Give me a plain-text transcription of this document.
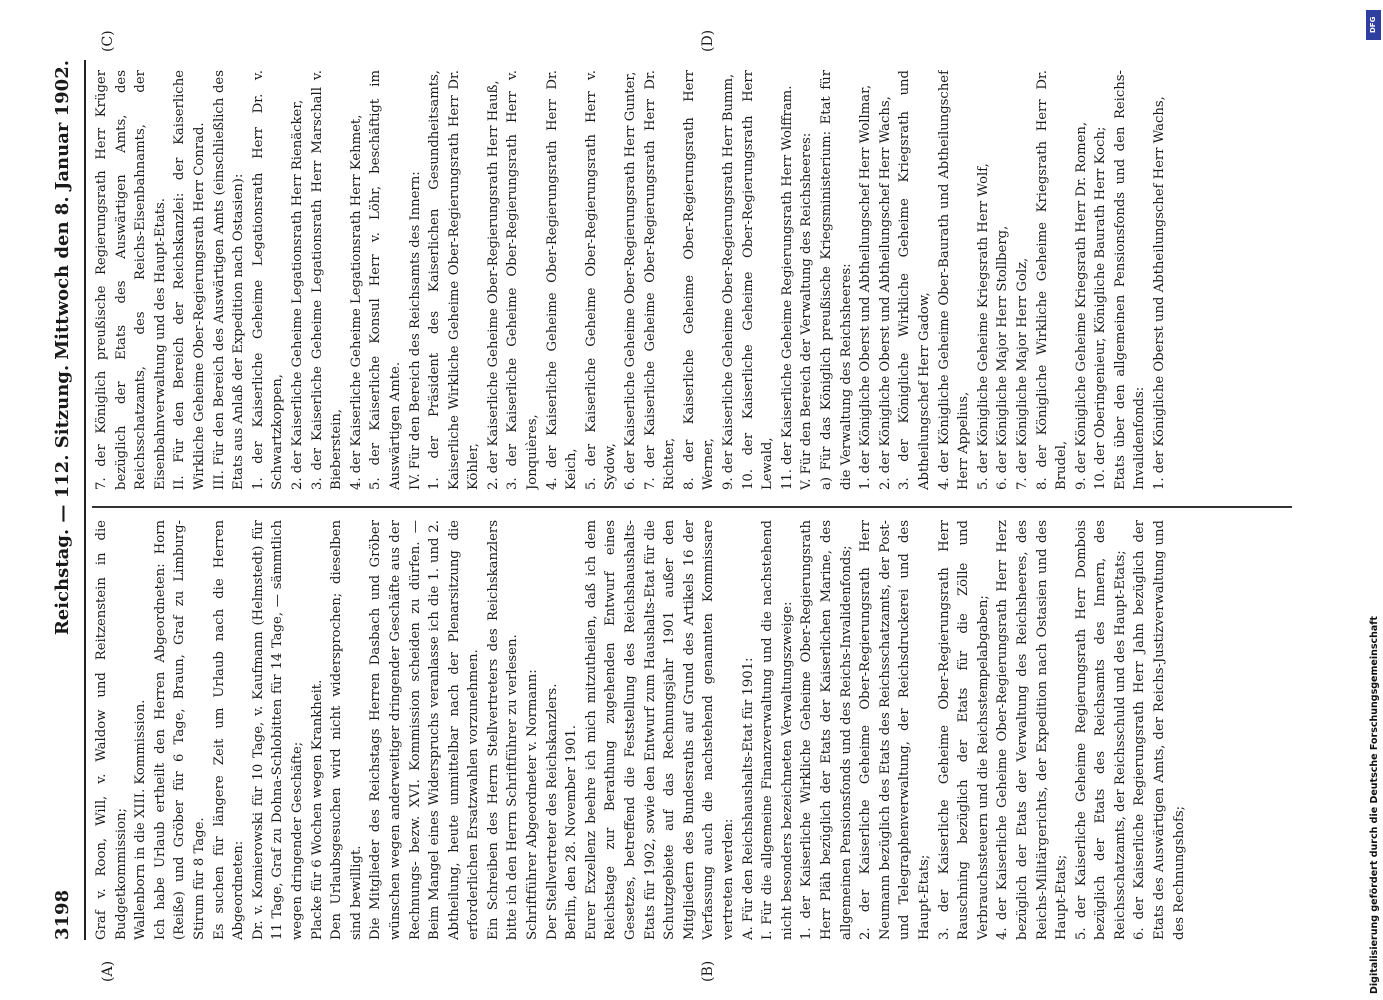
3198
Reichstag. — 112. Sitzung.
Mittwoch den 8. Januar 1902.
(A)	(B)
(C)	(D)

Graf v. Roon, Will, v. Waldow und Reitzenstein in die Budgetkommission; Wallenborn in die XIII. Kommission. Ich habe Urlaub ertheilt den Herren Abgeordneten: Horn (Reiße) und Gröber für 6 Tage, Braun, Graf zu Limburg-Stirum für 8 Tage. Es suchen für längere Zeit um Urlaub nach die Herren Abgeordneten: Dr. v. Komierowski für 10 Tage, v. Kaufmann (Helmstedt) für 11 Tage, Graf zu Dohna-Schlobitten für 14 Tage, — sämmtlich wegen dringender Geschäfte; Placke für 6 Wochen wegen Krankheit. Den Urlaubsgesuchen wird nicht widersprochen; dieselben sind bewilligt. Die Mitglieder des Reichstags Herren Dasbach und Gröber wünschen wegen anderweitiger dringender Geschäfte aus der Rechnungs- bezw. XVI. Kommission scheiden zu dürfen. — Beim Mangel eines Widerspruchs veranlasse ich die 1. und 2. Abtheilung, heute unmittelbar nach der Plenarsitzung die erforderlichen Ersatzwahlen vorzunehmen. Ein Schreiben des Herrn Stellvertreters des Reichskanzlers bitte ich den Herrn Schriftführer zu verlesen. Schriftführer Abgeordneter v. Normann: Der Stellvertreter des Reichskanzlers. Berlin, den 28. November 1901. Eurer Exzellenz beehre ich mich mitzutheilen, daß ich dem Reichstage zur Berathung zugehenden Entwurf eines Gesetzes, betreffend die Feststellung des Reichshaushalts-Etats für 1902, sowie den Entwurf zum Haushalts-Etat für die Schutzgebiete auf das Rechnungsjahr 1901 außer den Mitgliedern des Bundesraths auf Grund des Artikels 16 der Verfassung auch die nachstehend genannten Kommissare vertreten werden: A. Für den Reichshaushalts-Etat für 1901: I. Für die allgemeine Finanzverwaltung und die nachstehend nicht besonders bezeichneten Verwaltungszweige: 1. der Kaiserliche Wirkliche Geheime Ober-Regierungsrath Herr Pläh bezüglich der Etats der Kaiserlichen Marine, des allgemeinen Pensionsfonds und des Reichs-Invalidenfonds; 2. der Kaiserliche Geheime Ober-Regierungsrath Herr Neumann bezüglich des Etats des Reichsschatzamts, der Post- und Telegraphenverwaltung, der Reichsdruckerei und des Haupt-Etats; 3. der Kaiserliche Geheime Ober-Regierungsrath Herr Rauschning bezüglich der Etats für die Zölle und Verbrauchssteuern und die Reichsstempelabgaben; 4. der Kaiserliche Geheime Ober-Regierungsrath Herr Herz bezüglich der Etats der Verwaltung des Reichsheeres, des Reichs-Militärgerichts, der Expedition nach Ostasien und des Haupt-Etats; 5. der Kaiserliche Geheime Regierungsrath Herr Dombois bezüglich der Etats des Reichsamts des Innern, des Reichsschatzamts, der Reichsschuld und des Haupt-Etats; 6. der Kaiserliche Regierungsrath Herr Jahn bezüglich der Etats des Auswärtigen Amts, der Reichs-Justizverwaltung und des Rechnungshofs;

7. der Königlich preußische Regierungsrath Herr Krüger bezüglich der Etats des Auswärtigen Amts, des Reichsschatzamts, des Reichs-Eisenbahnamts, der Eisenbahnverwaltung und des Haupt-Etats. II. Für den Bereich der Reichskanzlei: der Kaiserliche Wirkliche Geheime Ober-Regierungsrath Herr Conrad. III. Für den Bereich des Auswärtigen Amts (einschließlich des Etats aus Anlaß der Expedition nach Ostasien): 1. der Kaiserliche Geheime Legationsrath Herr Dr. v. Schwartzkoppen, 2. der Kaiserliche Geheime Legationsrath Herr Rienäcker, 3. der Kaiserliche Geheime Legationsrath Herr Marschall v. Bieberstein, 4. der Kaiserliche Geheime Legationsrath Herr Kehmet, 5. der Kaiserliche Konsul Herr v. Löhr, beschäftigt im Auswärtigen Amte. IV. Für den Bereich des Reichsamts des Innern: 1. der Präsident des Kaiserlichen Gesundheitsamts, Kaiserliche Wirkliche Geheime Ober-Regierungsrath Herr Dr. Köhler, 2. der Kaiserliche Geheime Ober-Regierungsrath Herr Hauß, 3. der Kaiserliche Geheime Ober-Regierungsrath Herr v. Jonquières, 4. der Kaiserliche Geheime Ober-Regierungsrath Herr Dr. Keich, 5. der Kaiserliche Geheime Ober-Regierungsrath Herr v. Sydow, 6. der Kaiserliche Geheime Ober-Regierungsrath Herr Gunter, 7. der Kaiserliche Geheime Ober-Regierungsrath Herr Dr. Richter, 8. der Kaiserliche Geheime Ober-Regierungsrath Herr Werner, 9. der Kaiserliche Geheime Ober-Regierungsrath Herr Bumm, 10. der Kaiserliche Geheime Ober-Regierungsrath Herr Lewald, 11. der Kaiserliche Geheime Regierungsrath Herr Wolffram. V. Für den Bereich der Verwaltung des Reichsheeres: a) Für das Königlich preußische Kriegsministerium: Etat für die Verwaltung des Reichsheeres: 1. der Königliche Oberst und Abtheilungschef Herr Wollmar, 2. der Königliche Oberst und Abtheilungschef Herr Wachs, 3. der Königliche Wirkliche Geheime Kriegsrath und Abtheilungschef Herr Gadow, 4. der Königliche Geheime Ober-Baurath und Abtheilungschef Herr Appelius, 5. der Königliche Geheime Kriegsrath Herr Wolf, 6. der Königliche Major Herr Stollberg, 7. der Königliche Major Herr Golz, 8. der Königliche Wirkliche Geheime Kriegsrath Herr Dr. Brudel, 9. der Königliche Geheime Kriegsrath Herr Dr. Romen, 10. der Oberingenieur, Königliche Baurath Herr Koch; Etats über den allgemeinen Pensionsfonds und den Reichs-Invalidenfonds: 1. der Königliche Oberst und Abtheilungschef Herr Wachs,

DFG
Digitalisierung gefördert durch die Deutsche Forschungsgemeinschaft
